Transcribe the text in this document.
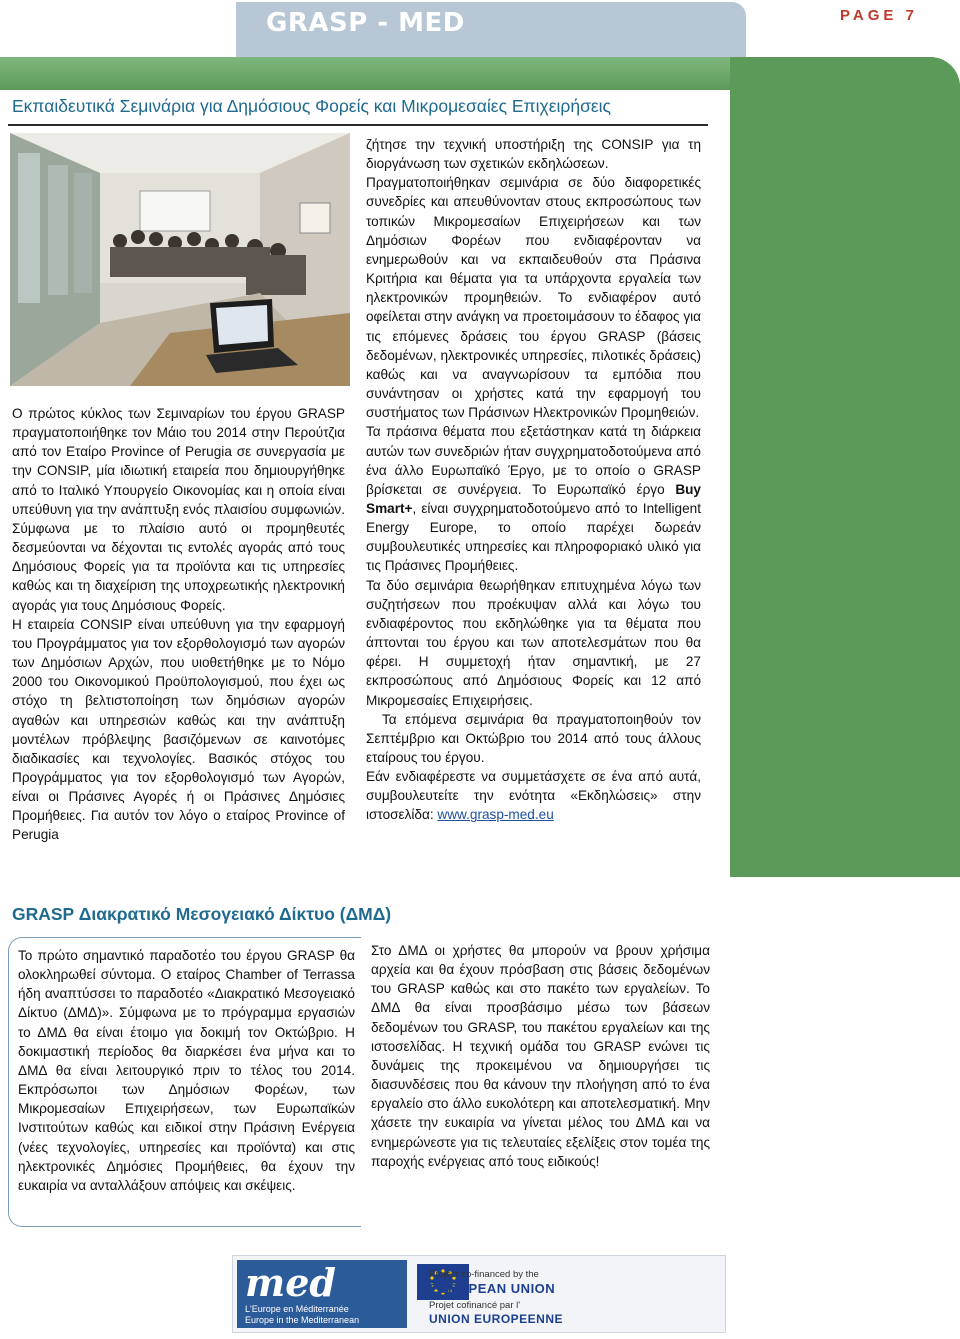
GRASP - MED	PAGE 7
Εκπαιδευτικά Σεμινάρια για Δημόσιους Φορείς και Μικρομεσαίες Επιχειρήσεις

Ο πρώτος κύκλος των Σεμιναρίων του έργου GRASP πραγματοποιήθηκε τον Μάιο του 2014 στην Περούτζια από τον Εταίρο Province of Perugia σε συνεργασία με την CONSIP, μία ιδιωτική εταιρεία που δημιουργήθηκε από το Ιταλικό Υπουργείο Οικονομίας και η οποία είναι υπεύθυνη για την ανάπτυξη ενός πλαισίου συμφωνιών. Σύμφωνα με το πλαίσιο αυτό οι προμηθευτές δεσμεύονται να δέχονται τις εντολές αγοράς από τους Δημόσιους Φορείς για τα προϊόντα και τις υπηρεσίες καθώς και τη διαχείριση της υποχρεωτικής ηλεκτρονική αγοράς για τους Δημόσιους Φορείς.

Η εταιρεία CONSIP είναι υπεύθυνη για την εφαρμογή του Προγράμματος για τον εξορθολογισμό των αγορών των Δημόσιων Αρχών, που υιοθετήθηκε με το Νόμο 2000 του Οικονομικού Προϋπολογισμού, που έχει ως στόχο τη βελτιστοποίηση των δημόσιων αγορών αγαθών και υπηρεσιών καθώς και την ανάπτυξη μοντέλων πρόβλεψης βασιζόμενων σε καινοτόμες διαδικασίες και τεχνολογίες. Βασικός στόχος του Προγράμματος για τον εξορθολογισμό των Αγορών, είναι οι Πράσινες Αγορές ή οι Πράσινες Δημόσιες Προμήθειες. Για αυτόν τον λόγο ο εταίρος Province of Perugia

ζήτησε την τεχνική υποστήριξη της CONSIP για τη διοργάνωση των σχετικών εκδηλώσεων.

Πραγματοποιήθηκαν σεμινάρια σε δύο διαφορετικές συνεδρίες και απευθύνονταν στους εκπροσώπους των τοπικών Μικρομεσαίων Επιχειρήσεων και των Δημόσιων Φορέων που ενδιαφέρονταν να ενημερωθούν και να εκπαιδευθούν στα Πράσινα Κριτήρια και θέματα για τα υπάρχοντα εργαλεία των ηλεκτρονικών προμηθειών. Το ενδιαφέρον αυτό οφείλεται στην ανάγκη να προετοιμάσουν το έδαφος για τις επόμενες δράσεις του έργου GRASP (βάσεις δεδομένων, ηλεκτρονικές υπηρεσίες, πιλοτικές δράσεις) καθώς και να αναγνωρίσουν τα εμπόδια που συνάντησαν οι χρήστες κατά την εφαρμογή του συστήματος των Πράσινων Ηλεκτρονικών Προμηθειών.

Τα πράσινα θέματα που εξετάστηκαν κατά τη διάρκεια αυτών των συνεδριών ήταν συγχρηματοδοτούμενα από ένα άλλο Ευρωπαϊκό Έργο, με το οποίο ο GRASP βρίσκεται σε συνέργεια. Το Ευρωπαϊκό έργο Buy Smart+, είναι συγχρηματοδοτούμενο από το Intelligent Energy Europe, το οποίο παρέχει δωρεάν συμβουλευτικές υπηρεσίες και πληροφοριακό υλικό για τις Πράσινες Προμήθειες.

Τα δύο σεμινάρια θεωρήθηκαν επιτυχημένα λόγω των συζητήσεων που προέκυψαν αλλά και λόγω του ενδιαφέροντος που εκδηλώθηκε για τα θέματα που άπτονται του έργου και των αποτελεσμάτων που θα φέρει. Η συμμετοχή ήταν σημαντική, με 27 εκπροσώπους από Δημόσιους Φορείς και 12 από Μικρομεσαίες Επιχειρήσεις.

Τα επόμενα σεμινάρια θα πραγματοποιηθούν τον Σεπτέμβριο και Οκτώβριο του 2014 από τους άλλους εταίρους του έργου.

Εάν ενδιαφέρεστε να συμμετάσχετε σε ένα από αυτά, συμβουλευτείτε την ενότητα «Εκδηλώσεις» στην ιστοσελίδα: www.grasp-med.eu

GRASP Διακρατικό Μεσογειακό Δίκτυο (ΔΜΔ)

Το πρώτο σημαντικό παραδοτέο του έργου GRASP θα ολοκληρωθεί σύντομα. Ο εταίρος Chamber of Terrassa ήδη αναπτύσσει το παραδοτέο «Διακρατικό Μεσογειακό Δίκτυο (ΔΜΔ)». Σύμφωνα με το πρόγραμμα εργασιών το ΔΜΔ θα είναι έτοιμο για δοκιμή τον Οκτώβριο. Η δοκιμαστική περίοδος θα διαρκέσει ένα μήνα και το ΔΜΔ θα είναι λειτουργικό πριν το τέλος του 2014. Εκπρόσωποι των Δημόσιων Φορέων, των Μικρομεσαίων Επιχειρήσεων, των Ευρωπαϊκών Ινστιτούτων καθώς και ειδικοί στην Πράσινη Ενέργεια (νέες τεχνολογίες, υπηρεσίες και προϊόντα) και στις ηλεκτρονικές Δημόσιες Προμήθειες, θα έχουν την ευκαιρία να ανταλλάξουν απόψεις και σκέψεις.

Στο ΔΜΔ οι χρήστες θα μπορούν να βρουν χρήσιμα αρχεία και θα έχουν πρόσβαση στις βάσεις δεδομένων του GRASP καθώς και στο πακέτο των εργαλείων. Το ΔΜΔ θα είναι προσβάσιμο μέσω των βάσεων δεδομένων του GRASP, του πακέτου εργαλείων και της ιστοσελίδας. Η τεχνική ομάδα του GRASP ενώνει τις δυνάμεις της προκειμένου να δημιουργήσει τις διασυνδέσεις που θα κάνουν την πλοήγηση από το ένα εργαλείο στο άλλο ευκολότερη και αποτελεσματική. Μην χάσετε την ευκαιρία να γίνεται μέλος του ΔΜΔ και να ενημερώνεστε για τις τελευταίες εξελίξεις στον τομέα της παροχής ενέργειας από τους ειδικούς!

med
L'Europe en Méditerranée
Europe in the Mediterranean
Project co-financed by the
EUROPEAN UNION
Projet cofinancé par l'
UNION EUROPEENNE
